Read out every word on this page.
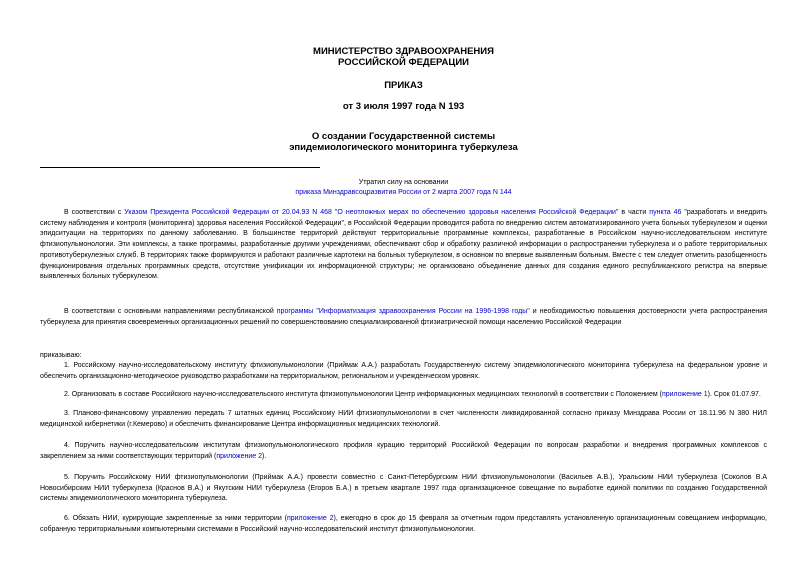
МИНИСТЕРСТВО ЗДРАВООХРАНЕНИЯ
РОССИЙСКОЙ ФЕДЕРАЦИИ
ПРИКАЗ
от 3 июля 1997 года N 193
О создании Государственной системы
эпидемиологического мониторинга туберкулеза
Утратил силу на основании
приказа Минздравсоцразвития России от 2 марта 2007 года N 144

В соответствии с Указом Президента Российской Федерации от 20.04.93 N 468 "О неотложных мерах по обеспечению здоровья населения Российской Федерации" в части пункта 46 "разработать и внедрить систему наблюдения и контроля (мониторинга) здоровья населения Российской Федерации", в Российской Федерации проводится работа по внедрению систем автоматизированного учета больных туберкулезом и оценки эпидситуации на территориях по данному заболеванию. В большинстве территорий действуют территориальные программные комплексы, разработанные в Российском научно-исследовательском институте фтизиопульмонологии. Эти комплексы, а также программы, разработанные другими учреждениями, обеспечивают сбор и обработку различной информации о распространении туберкулеза и о работе территориальных противотуберкулезных служб. В территориях также формируются и работают различные картотеки на больных туберкулезом, в основном по впервые выявленным больным. Вместе с тем следует отметить разобщенность функционирования отдельных программных средств, отсутствие унификации их информационной структуры; не организовано объединение данных для создания единого республиканского регистра на впервые выявленных больных туберкулезом.

В соответствии с основными направлениями республиканской программы "Информатизация здравоохранения России на 1996-1998 годы" и необходимостью повышения достоверности учета распространения туберкулеза для принятия своевременных организационных решений по совершенствованию специализированной фтизиатрической помощи населению Российской Федерации

приказываю:

1. Российскому научно-исследовательскому институту фтизиопульмонологии (Приймак А.А.) разработать Государственную систему эпидемиологического мониторинга туберкулеза на федеральном уровне и обеспечить организационно-методическое руководство разработками на территориальном, региональном и учрежденческом уровнях.

2. Организовать в составе Российского научно-исследовательского института фтизиопульмонологии Центр информационных медицинских технологий в соответствии с Положением (приложение 1). Срок 01.07.97.

3. Планово-финансовому управлению передать 7 штатных единиц Российскому НИИ фтизиопульмонологии в счет численности ликвидированной согласно приказу Минздрава России от 18.11.96 N 380 НИЛ медицинской кибернетики (г.Кемерово) и обеспечить финансирование Центра информационных медицинских технологий.

4. Поручить научно-исследовательским институтам фтизиопульмонологического профиля курацию территорий Российской Федерации по вопросам разработки и внедрения программных комплексов с закреплением за ними соответствующих территорий (приложение 2).

5. Поручить Российскому НИИ фтизиопульмонологии (Приймак А.А.) провести совместно с Санкт-Петербургским НИИ фтизиопульмонологии (Васильев А.В.), Уральским НИИ туберкулеза (Соколов В.А Новосибирским НИИ туберкулеза (Краснов В.А.) и Якутским НИИ туберкулеза (Егоров Б.А.) в третьем квартале 1997 года организационное совещание по выработке единой политики по созданию Государственной системы эпидемиологического мониторинга туберкулеза.

6. Обязать НИИ, курирующие закрепленные за ними территории (приложение 2), ежегодно в срок до 15 февраля за отчетным годом представлять установленную организационным совещанием информацию, собранную территориальными компьютерными системами в Российский научно-исследовательский институт фтизиопульмонологии.
